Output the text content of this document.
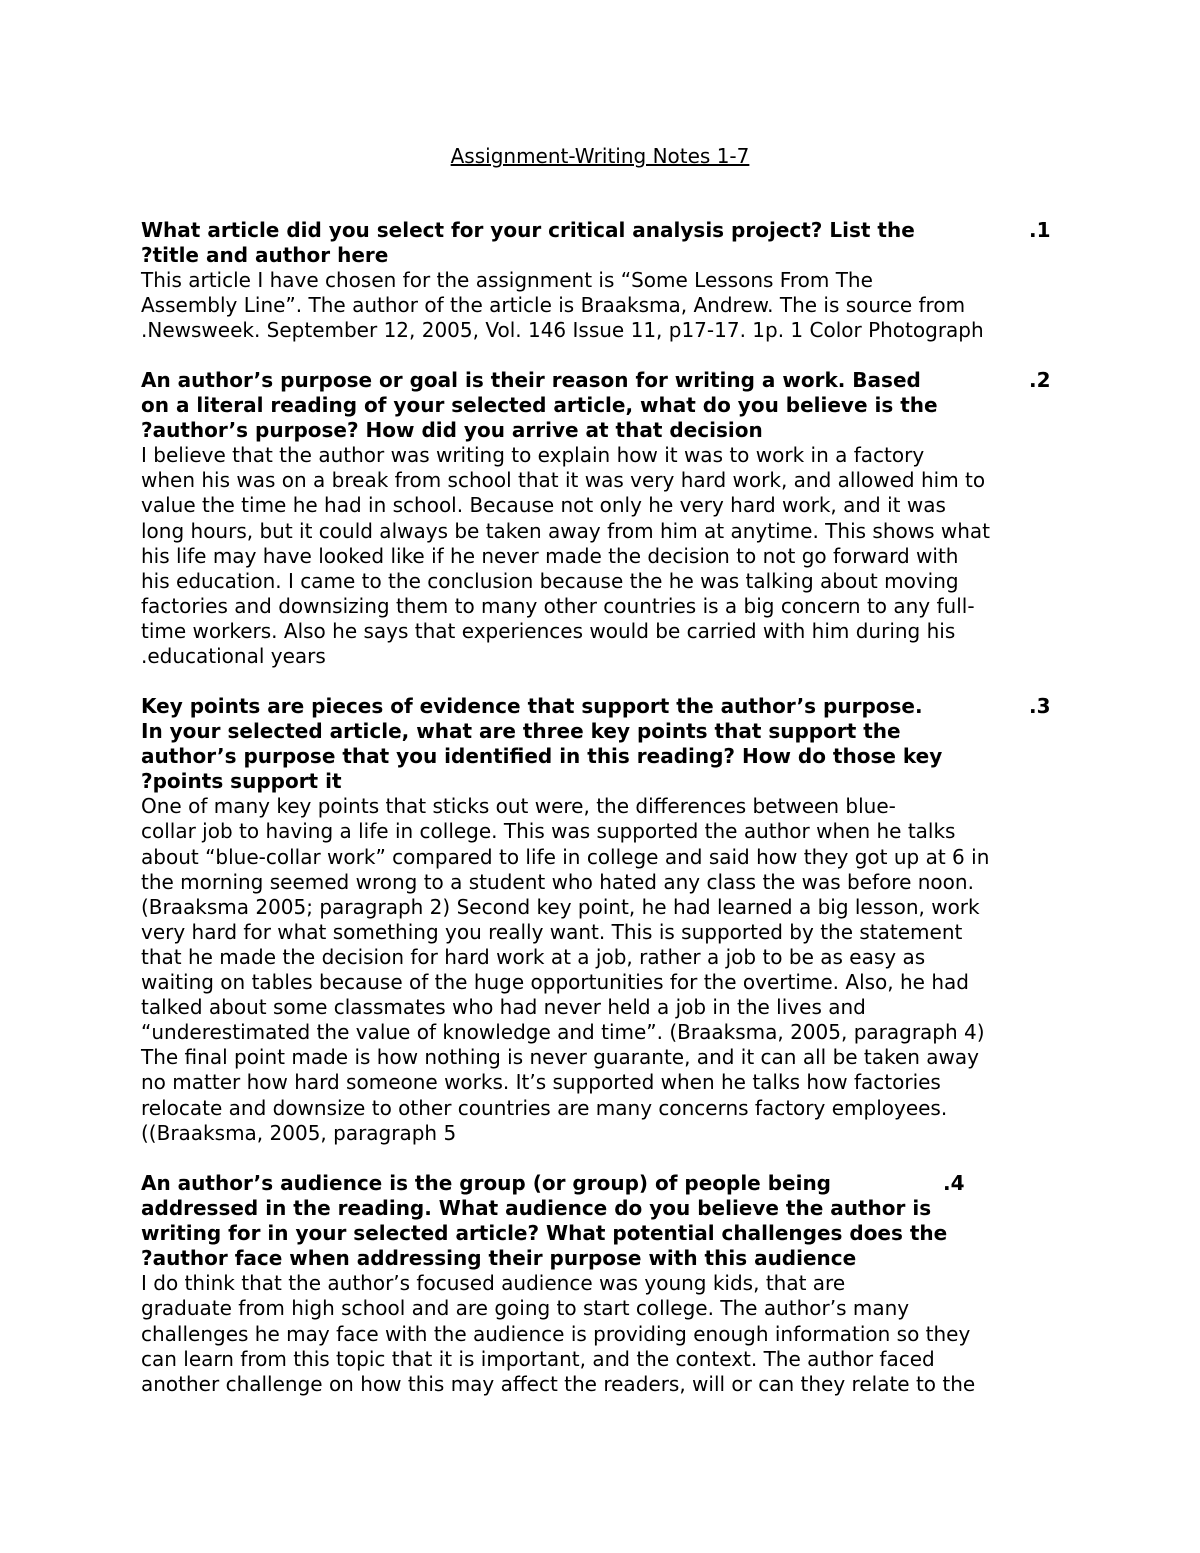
Assignment-Writing Notes 1-7
.1
What article did you select for your critical analysis project? List the
?title and author here
This article I have chosen for the assignment is “Some Lessons From The
Assembly Line”. The author of the article is Braaksma, Andrew. The is source from
.Newsweek. September 12, 2005, Vol. 146 Issue 11, p17-17. 1p. 1 Color Photograph
.2
An author’s purpose or goal is their reason for writing a work. Based
on a literal reading of your selected article, what do you believe is the
?author’s purpose? How did you arrive at that decision
I believe that the author was writing to explain how it was to work in a factory
when his was on a break from school that it was very hard work, and allowed him to
value the time he had in school. Because not only he very hard work, and it was
long hours, but it could always be taken away from him at anytime. This shows what
his life may have looked like if he never made the decision to not go forward with
his education. I came to the conclusion because the he was talking about moving
factories and downsizing them to many other countries is a big concern to any full-
time workers. Also he says that experiences would be carried with him during his
.educational years
.3
Key points are pieces of evidence that support the author’s purpose.
In your selected article, what are three key points that support the
author’s purpose that you identified in this reading? How do those key
?points support it
One of many key points that sticks out were, the differences between blue-
collar job to having a life in college. This was supported the author when he talks
about “blue-collar work” compared to life in college and said how they got up at 6 in
the morning seemed wrong to a student who hated any class the was before noon.
(Braaksma 2005; paragraph 2) Second key point, he had learned a big lesson, work
very hard for what something you really want. This is supported by the statement
that he made the decision for hard work at a job, rather a job to be as easy as
waiting on tables because of the huge opportunities for the overtime. Also, he had
talked about some classmates who had never held a job in the lives and
“underestimated the value of knowledge and time”. (Braaksma, 2005, paragraph 4)
The final point made is how nothing is never guarante, and it can all be taken away
no matter how hard someone works. It’s supported when he talks how factories
relocate and downsize to other countries are many concerns factory employees.
((Braaksma, 2005, paragraph 5
.4
An author’s audience is the group (or group) of people being
addressed in the reading. What audience do you believe the author is
writing for in your selected article? What potential challenges does the
?author face when addressing their purpose with this audience
I do think that the author’s focused audience was young kids, that are
graduate from high school and are going to start college. The author’s many
challenges he may face with the audience is providing enough information so they
can learn from this topic that it is important, and the context. The author faced
another challenge on how this may affect the readers, will or can they relate to the
